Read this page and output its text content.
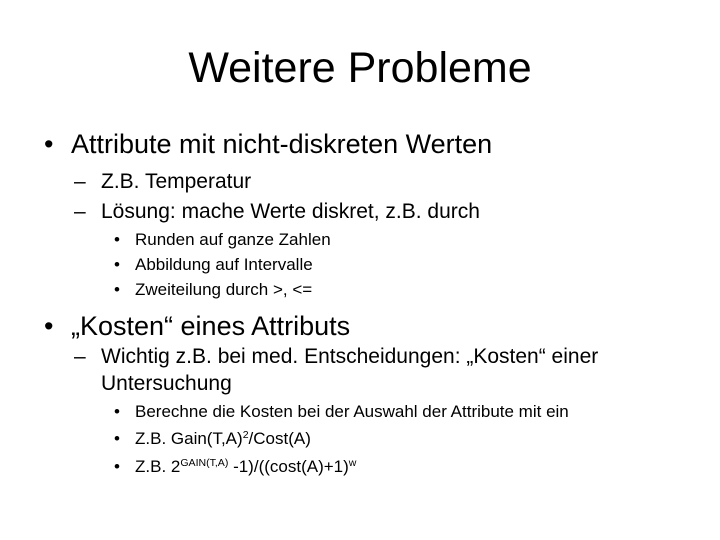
Weitere Probleme
• Attribute mit nicht-diskreten Werten
– Z.B. Temperatur
– Lösung: mache Werte diskret, z.B. durch
• Runden auf ganze Zahlen
• Abbildung auf Intervalle
• Zweiteilung durch >, <=
• „Kosten“ eines Attributs
– Wichtig z.B. bei med. Entscheidungen: „Kosten“ einer
Untersuchung
• Berechne die Kosten bei der Auswahl der Attribute mit ein
• Z.B. $Gain(T,A)^2/Cost(A)$
• Z.B. $2^{GAIN(T,A)}$ $-1)/((\cos t(A)+1)^w$
